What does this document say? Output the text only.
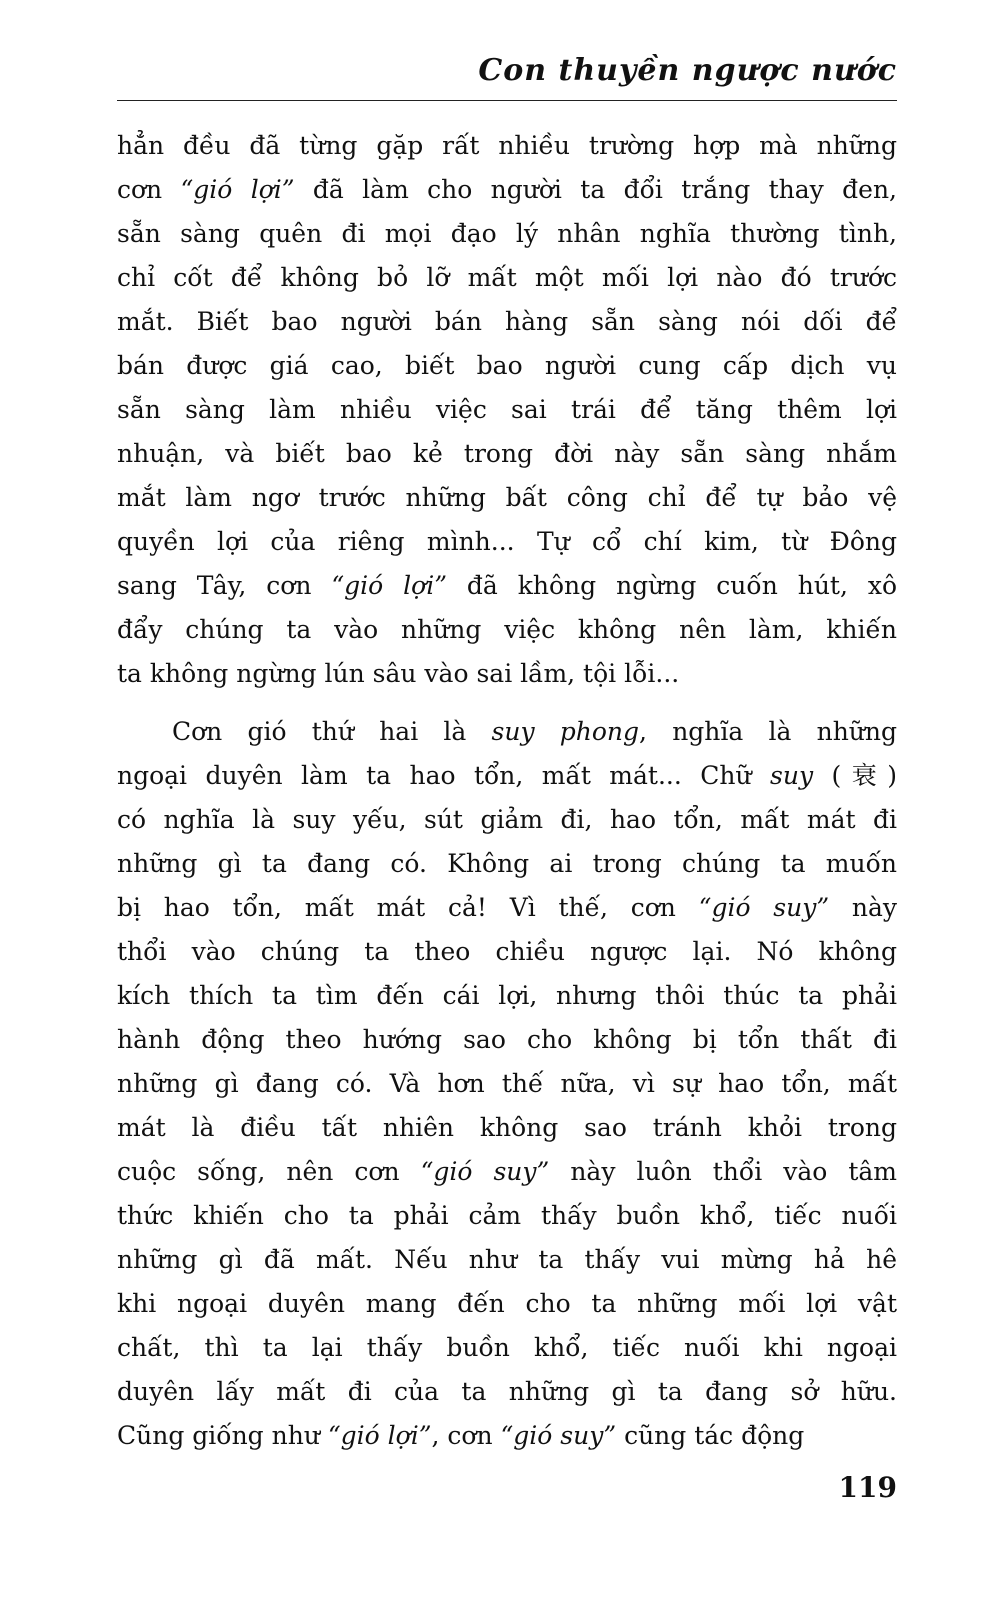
Con thuyền ngược nước
hẳn đều đã từng gặp rất nhiều trường hợp mà những
cơn “gió lợi” đã làm cho người ta đổi trắng thay đen,
sẵn sàng quên đi mọi đạo lý nhân nghĩa thường tình,
chỉ cốt để không bỏ lỡ mất một mối lợi nào đó trước
mắt. Biết bao người bán hàng sẵn sàng nói dối để
bán được giá cao, biết bao người cung cấp dịch vụ
sẵn sàng làm nhiều việc sai trái để tăng thêm lợi
nhuận, và biết bao kẻ trong đời này sẵn sàng nhắm
mắt làm ngơ trước những bất công chỉ để tự bảo vệ
quyền lợi của riêng mình... Tự cổ chí kim, từ Đông
sang Tây, cơn “gió lợi” đã không ngừng cuốn hút, xô
đẩy chúng ta vào những việc không nên làm, khiến
ta không ngừng lún sâu vào sai lầm, tội lỗi...
Cơn gió thứ hai là suy phong, nghĩa là những
ngoại duyên làm ta hao tổn, mất mát... Chữ suy (衰)
có nghĩa là suy yếu, sút giảm đi, hao tổn, mất mát đi
những gì ta đang có. Không ai trong chúng ta muốn
bị hao tổn, mất mát cả! Vì thế, cơn “gió suy” này
thổi vào chúng ta theo chiều ngược lại. Nó không
kích thích ta tìm đến cái lợi, nhưng thôi thúc ta phải
hành động theo hướng sao cho không bị tổn thất đi
những gì đang có. Và hơn thế nữa, vì sự hao tổn, mất
mát là điều tất nhiên không sao tránh khỏi trong
cuộc sống, nên cơn “gió suy” này luôn thổi vào tâm
thức khiến cho ta phải cảm thấy buồn khổ, tiếc nuối
những gì đã mất. Nếu như ta thấy vui mừng hả hê
khi ngoại duyên mang đến cho ta những mối lợi vật
chất, thì ta lại thấy buồn khổ, tiếc nuối khi ngoại
duyên lấy mất đi của ta những gì ta đang sở hữu.
Cũng giống như “gió lợi”, cơn “gió suy” cũng tác động
119
